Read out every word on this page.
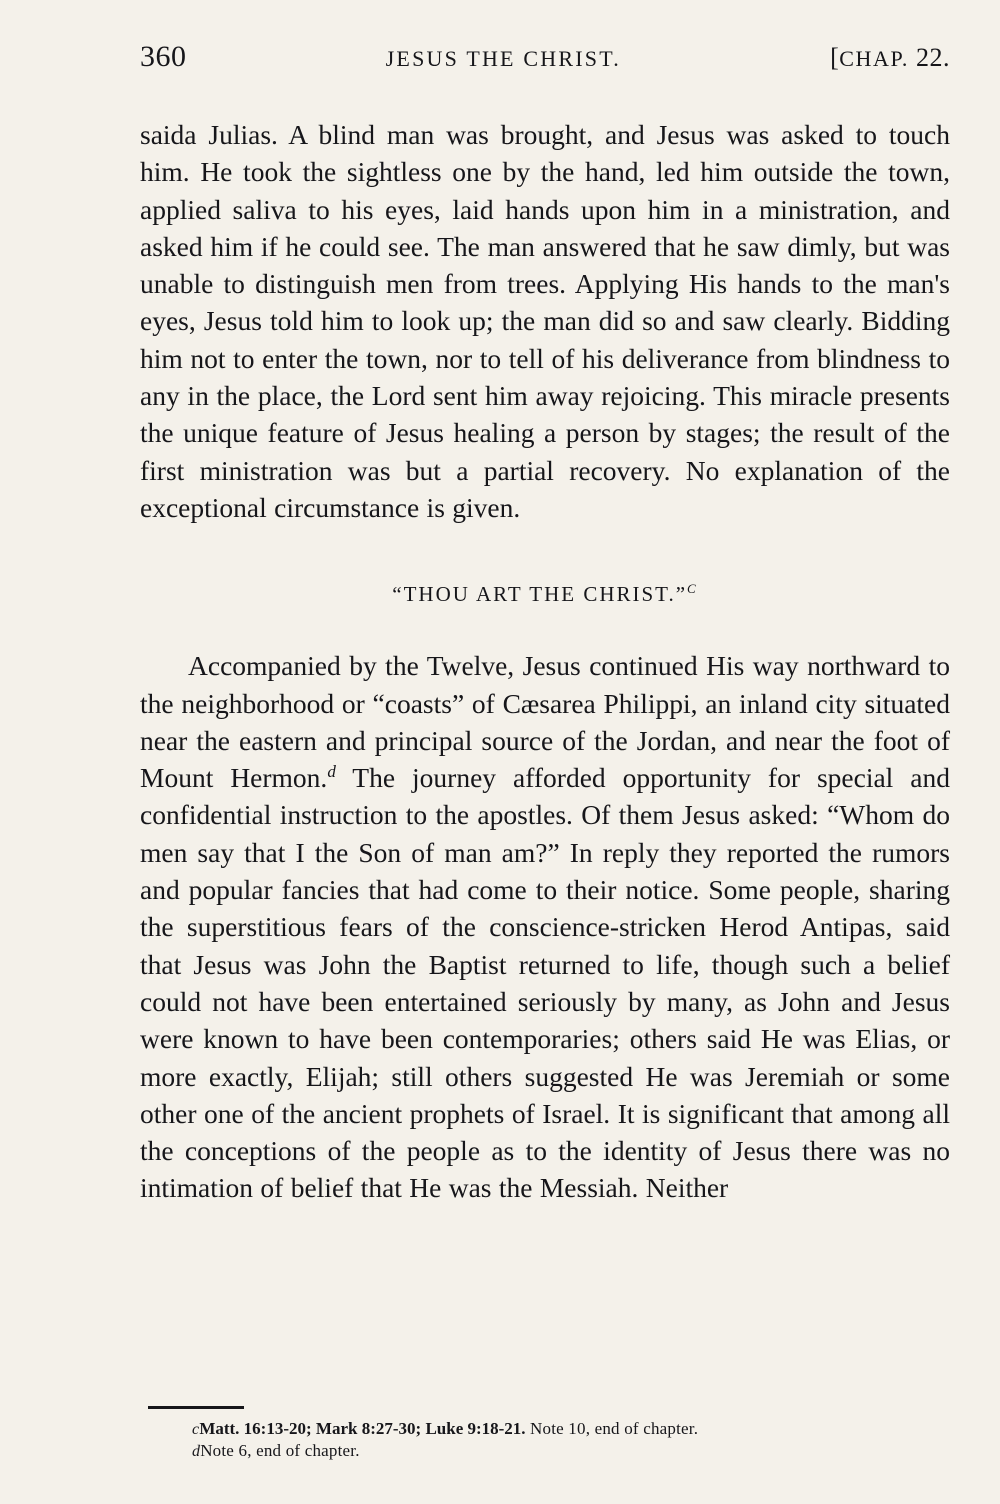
360	JESUS THE CHRIST.	[CHAP. 22.

saida Julias. A blind man was brought, and Jesus was asked to touch him. He took the sightless one by the hand, led him outside the town, applied saliva to his eyes, laid hands upon him in a ministration, and asked him if he could see. The man answered that he saw dimly, but was unable to distinguish men from trees. Applying His hands to the man's eyes, Jesus told him to look up; the man did so and saw clearly. Bidding him not to enter the town, nor to tell of his deliverance from blindness to any in the place, the Lord sent him away rejoicing. This miracle presents the unique feature of Jesus healing a person by stages; the result of the first ministration was but a partial recovery. No explanation of the exceptional circumstance is given.

“THOU ART THE CHRIST.”$^C$

Accompanied by the Twelve, Jesus continued His way northward to the neighborhood or “coasts” of Cæsarea Philippi, an inland city situated near the eastern and principal source of the Jordan, and near the foot of Mount Hermon.$^d$ The journey afforded opportunity for special and confidential instruction to the apostles. Of them Jesus asked: “Whom do men say that I the Son of man am?” In reply they reported the rumors and popular fancies that had come to their notice. Some people, sharing the superstitious fears of the conscience-stricken Herod Antipas, said that Jesus was John the Baptist returned to life, though such a belief could not have been entertained seriously by many, as John and Jesus were known to have been contemporaries; others said He was Elias, or more exactly, Elijah; still others suggested He was Jeremiah or some other one of the ancient prophets of Israel. It is significant that among all the conceptions of the people as to the identity of Jesus there was no intimation of belief that He was the Messiah. Neither

cMatt. 16:13-20; Mark 8:27-30; Luke 9:18-21. Note 10, end of chapter.
dNote 6, end of chapter.
